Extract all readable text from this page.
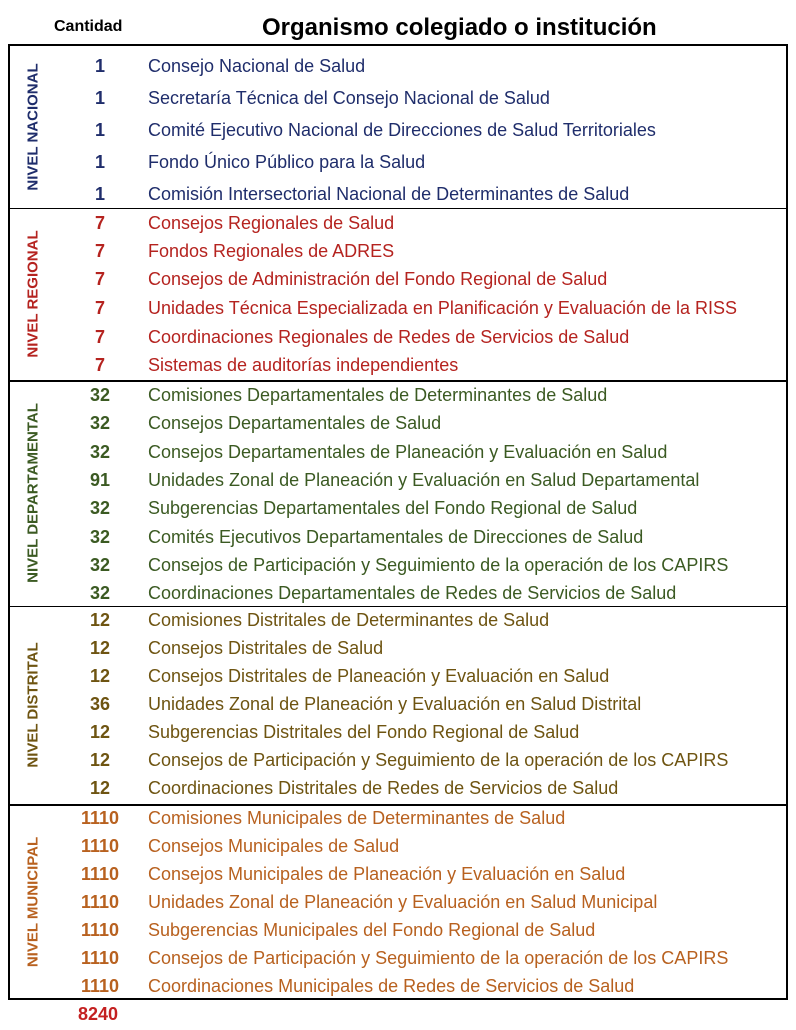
Cantidad	Organismo colegiado o institución
NIVEL NACIONAL	1	Consejo Nacional de Salud
1	Secretaría Técnica del Consejo Nacional de Salud
1	Comité Ejecutivo Nacional de Direcciones de Salud Territoriales
1	Fondo Único Público para la Salud
1	Comisión Intersectorial Nacional de Determinantes de Salud
NIVEL REGIONAL
7	Consejos Regionales de Salud
7	Fondos Regionales de ADRES
7	Consejos de Administración del Fondo Regional de Salud
7	Unidades Técnica Especializada en Planificación y Evaluación de la RISS
7	Coordinaciones Regionales de Redes de Servicios de Salud
7	Sistemas de auditorías independientes
NIVEL DEPARTAMENTAL
32	Comisiones Departamentales de Determinantes de Salud
32	Consejos Departamentales de Salud
32	Consejos Departamentales de Planeación y Evaluación en Salud
91	Unidades Zonal de Planeación y Evaluación en Salud Departamental
32	Subgerencias Departamentales del Fondo Regional de Salud
32	Comités Ejecutivos Departamentales de Direcciones de Salud
32	Consejos de Participación y Seguimiento de la operación de los CAPIRS
32	Coordinaciones Departamentales de Redes de Servicios de Salud
NIVEL DISTRITAL
12	Comisiones Distritales de Determinantes de Salud
12	Consejos Distritales de Salud
12	Consejos Distritales de Planeación y Evaluación en Salud
36	Unidades Zonal de Planeación y Evaluación en Salud Distrital
12	Subgerencias Distritales del Fondo Regional de Salud
12	Consejos de Participación y Seguimiento de la operación de los CAPIRS
12	Coordinaciones Distritales de Redes de Servicios de Salud
NIVEL MUNICIPAL
1110	Comisiones Municipales de Determinantes de Salud
1110	Consejos Municipales de Salud
1110	Consejos Municipales de Planeación y Evaluación en Salud
1110	Unidades Zonal de Planeación y Evaluación en Salud Municipal
1110	Subgerencias Municipales del Fondo Regional de Salud
1110	Consejos de Participación y Seguimiento de la operación de los CAPIRS
1110	Coordinaciones Municipales de Redes de Servicios de Salud
8240
